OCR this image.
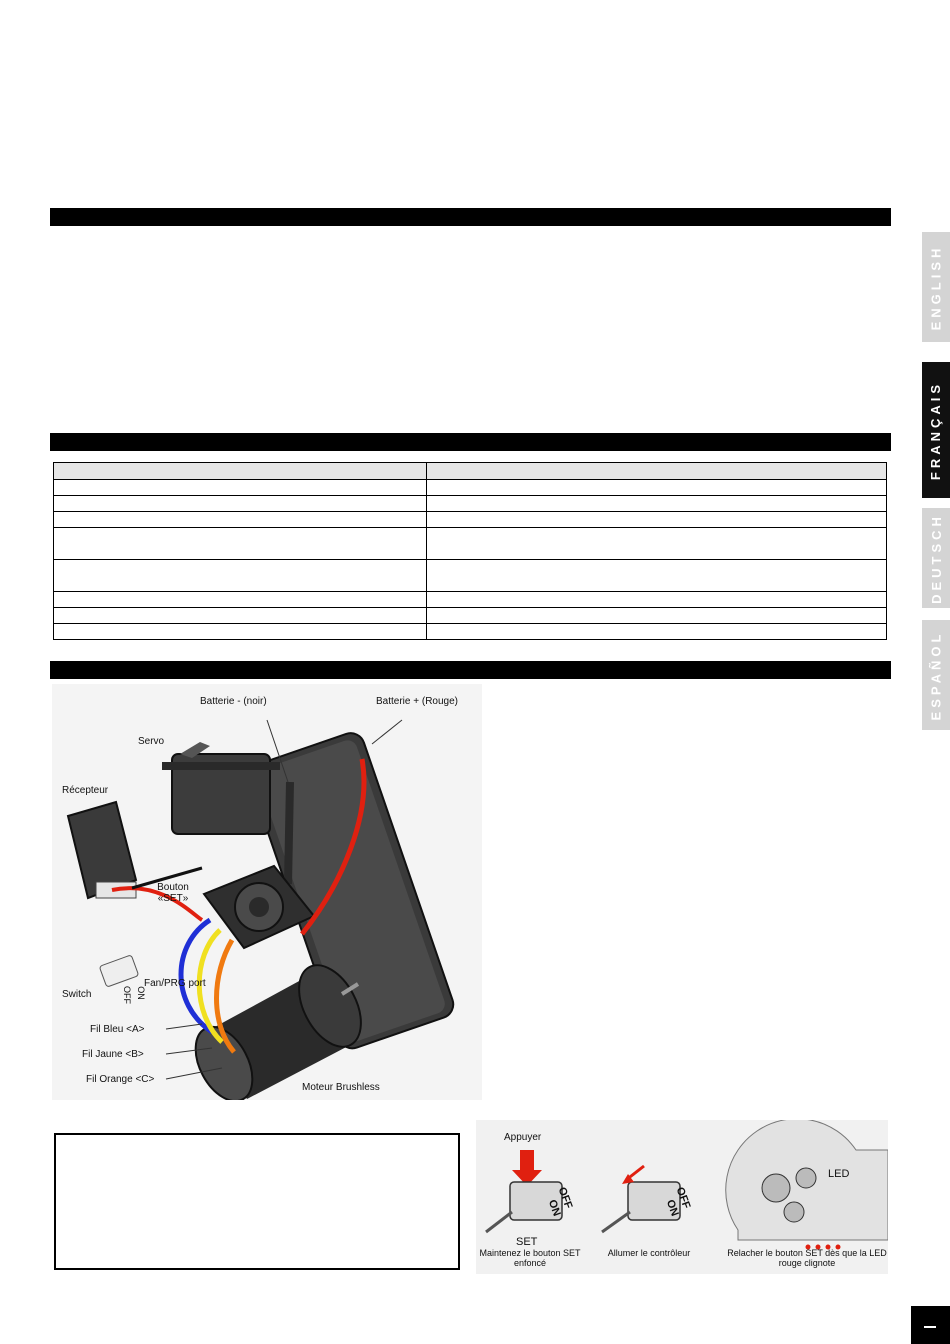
ENGLISH
FRANÇAIS
DEUTSCH
ESPAÑOL

Batterie - (noir)	Batterie + (Rouge)
Servo
Récepteur
Bouton «SET»
Switch	ON
OFF
Fan/PRG port
Fil Bleu <A>
Fil Jaune <B>
Fil Orange <C>
Moteur Brushless
Appuyer
SET
OFF
ON	OFF
ON
LED
Maintenez le bouton SET enfoncé
Allumer le contrôleur	Relacher le bouton SET dès que la LED rouge clignote
